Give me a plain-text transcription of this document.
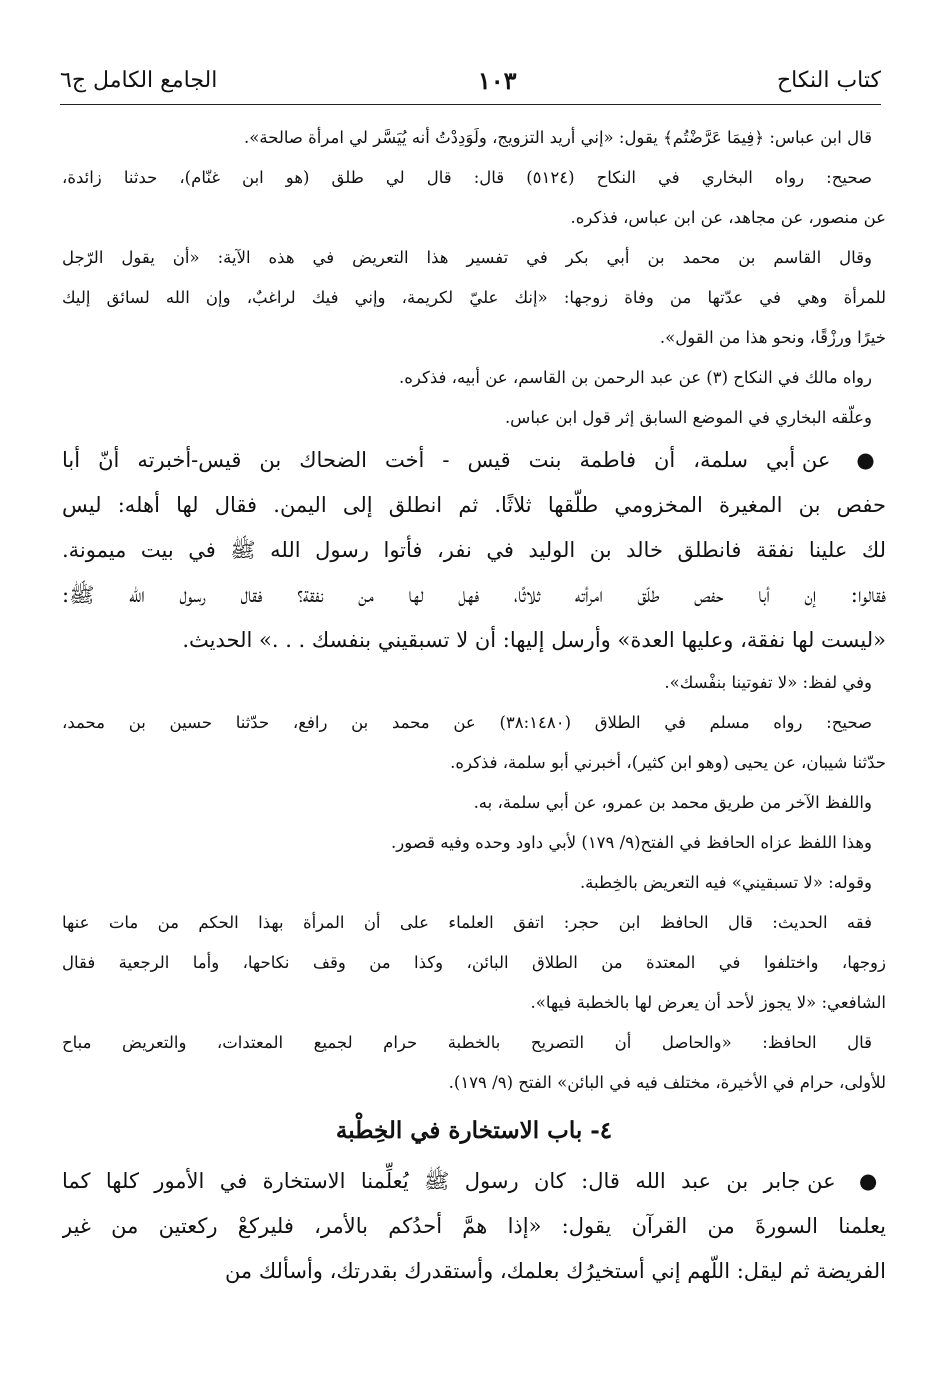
كتاب النكاح
١٠٣
الجامع الكامل ج٦
قال ابن عباس: ﴿فِيمَا عَرَّضْتُم﴾ يقول: «إني أريد التزويج، ولَوَدِدْتُ أنه يُيَسَّر لي امرأة صالحة».
صحيح: رواه البخاري في النكاح (٥١٢٤) قال: قال لي طلق (هو ابن غنّام)، حدثنا زائدة،
عن منصور، عن مجاهد، عن ابن عباس، فذكره.
وقال القاسم بن محمد بن أبي بكر في تفسير هذا التعريض في هذه الآية: «أن يقول الرّجل
للمرأة وهي في عدّتها من وفاة زوجها: «إنك عليّ لكريمة، وإني فيك لراغبٌ، وإن الله لسائق إليك
خيرًا ورزْقًا، ونحو هذا من القول».
رواه مالك في النكاح (٣) عن عبد الرحمن بن القاسم، عن أبيه، فذكره.
وعلّقه البخاري في الموضع السابق إثر قول ابن عباس.
● عن أبي سلمة، أن فاطمة بنت قيس - أخت الضحاك بن قيس-أخبرته أنّ أبا
حفص بن المغيرة المخزومي طلّقها ثلاثًا. ثم انطلق إلى اليمن. فقال لها أهله: ليس
لك علينا نفقة فانطلق خالد بن الوليد في نفر، فأتوا رسول الله ﷺ في بيت ميمونة.
فقالوا: إن أبا حفص طلّق امرأته ثلاثًا، فهل لها من نفقة؟ فقال رسول الله ﷺ:
«ليست لها نفقة، وعليها العدة» وأرسل إليها: أن لا تسبقيني بنفسك . . .» الحديث.
وفي لفظ: «لا تفوتينا بنفْسك».
صحيح: رواه مسلم في الطلاق (٣٨:١٤٨٠) عن محمد بن رافع، حدّثنا حسين بن محمد،
حدّثنا شيبان، عن يحيى (وهو ابن كثير)، أخبرني أبو سلمة، فذكره.
واللفظ الآخر من طريق محمد بن عمرو، عن أبي سلمة، به.
وهذا اللفظ عزاه الحافظ في الفتح(٩/ ١٧٩) لأبي داود وحده وفيه قصور.
وقوله: «لا تسبقيني» فيه التعريض بالخِطبة.
فقه الحديث: قال الحافظ ابن حجر: اتفق العلماء على أن المرأة بهذا الحكم من مات عنها
زوجها، واختلفوا في المعتدة من الطلاق البائن، وكذا من وقف نكاحها، وأما الرجعية فقال
الشافعي: «لا يجوز لأحد أن يعرض لها بالخطبة فيها».
قال الحافظ: «والحاصل أن التصريح بالخطبة حرام لجميع المعتدات، والتعريض مباح
للأولى، حرام في الأخيرة، مختلف فيه في البائن» الفتح (٩/ ١٧٩).
٤- باب الاستخارة في الخِطْبة
● عن جابر بن عبد الله قال: كان رسول ﷺ يُعلِّمنا الاستخارة في الأمور كلها كما
يعلمنا السورةَ من القرآن يقول: «إذا همَّ أحدُكم بالأمر، فليركعْ ركعتين من غير
الفريضة ثم ليقل: اللّهم إني أستخيرُك بعلمك، وأستقدرك بقدرتك، وأسألك من
